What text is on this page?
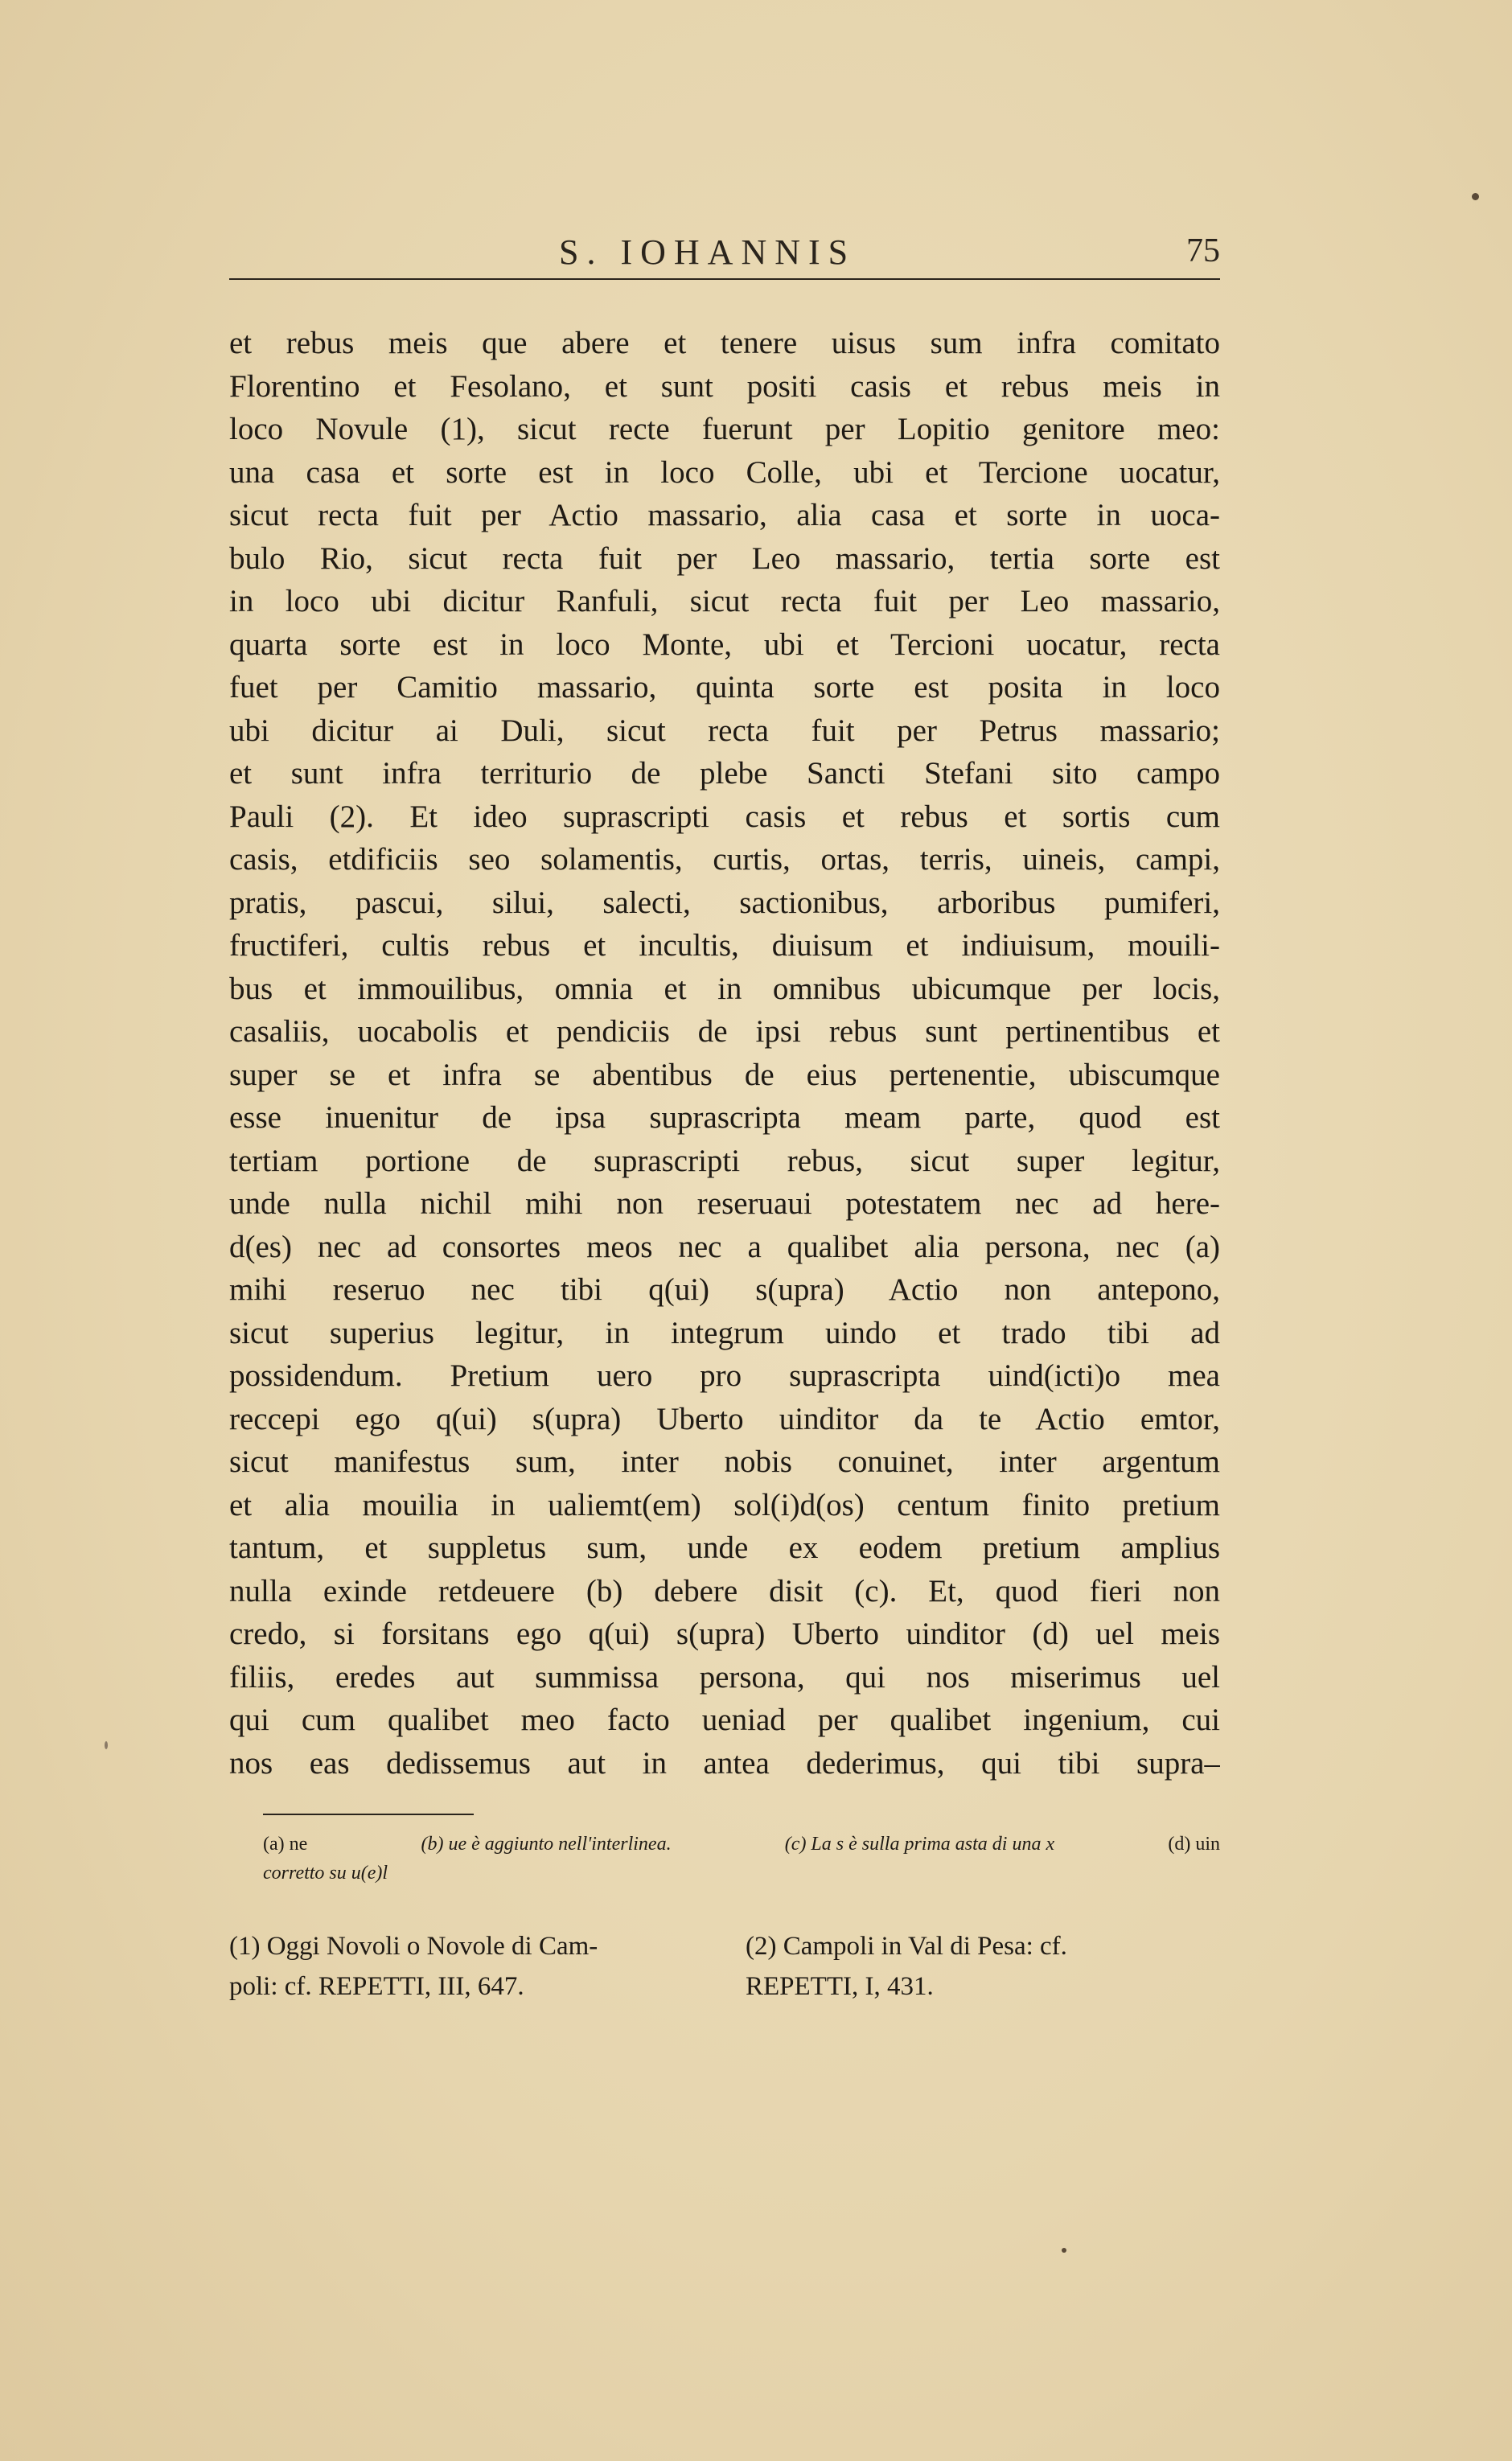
S. IOHANNIS	75
et rebus meis que abere et tenere uisus sum infra comitato
Florentino et Fesolano, et sunt positi casis et rebus meis in
loco Novule (1), sicut recte fuerunt per Lopitio genitore meo:
una casa et sorte est in loco Colle, ubi et Tercione uocatur,
sicut recta fuit per Actio massario, alia casa et sorte in uoca-
bulo Rio, sicut recta fuit per Leo massario, tertia sorte est
in loco ubi dicitur Ranfuli, sicut recta fuit per Leo massario,
quarta sorte est in loco Monte, ubi et Tercioni uocatur, recta
fuet per Camitio massario, quinta sorte est posita in loco
ubi dicitur ai Duli, sicut recta fuit per Petrus massario;
et sunt infra territurio de plebe Sancti Stefani sito campo
Pauli (2). Et ideo suprascripti casis et rebus et sortis cum
casis, etdificiis seo solamentis, curtis, ortas, terris, uineis, campi,
pratis, pascui, silui, salecti, sactionibus, arboribus pumiferi,
fructiferi, cultis rebus et incultis, diuisum et indiuisum, mouili-
bus et immouilibus, omnia et in omnibus ubicumque per locis,
casaliis, uocabolis et pendiciis de ipsi rebus sunt pertinentibus et
super se et infra se abentibus de eius pertenentie, ubiscumque
esse inuenitur de ipsa suprascripta meam parte, quod est
tertiam portione de suprascripti rebus, sicut super legitur,
unde nulla nichil mihi non reseruaui potestatem nec ad here-
d(es) nec ad consortes meos nec a qualibet alia persona, nec (a)
mihi reseruo nec tibi q(ui) s(upra) Actio non antepono,
sicut superius legitur, in integrum uindo et trado tibi ad
possidendum. Pretium uero pro suprascripta uind(icti)o mea
reccepi ego q(ui) s(upra) Uberto uinditor da te Actio emtor,
sicut manifestus sum, inter nobis conuinet, inter argentum
et alia mouilia in ualiemt(em) sol(i)d(os) centum finito pretium
tantum, et suppletus sum, unde ex eodem pretium amplius
nulla exinde retdeuere (b) debere disit (c). Et, quod fieri non
credo, si forsitans ego q(ui) s(upra) Uberto uinditor (d) uel meis
filiis, eredes aut summissa persona, qui nos miserimus uel
qui cum qualibet meo facto ueniad per qualibet ingenium, cui
nos eas dedissemus aut in antea dederimus, qui tibi supra–
(a) ne	(b) ue è aggiunto nell'interlinea.	(c) La s è sulla prima asta di una x	(d) uin
corretto su u(e)l
(1) Oggi Novoli o Novole di Cam-
poli: cf. REPETTI, III, 647.
(2) Campoli in Val di Pesa: cf.
REPETTI, I, 431.
